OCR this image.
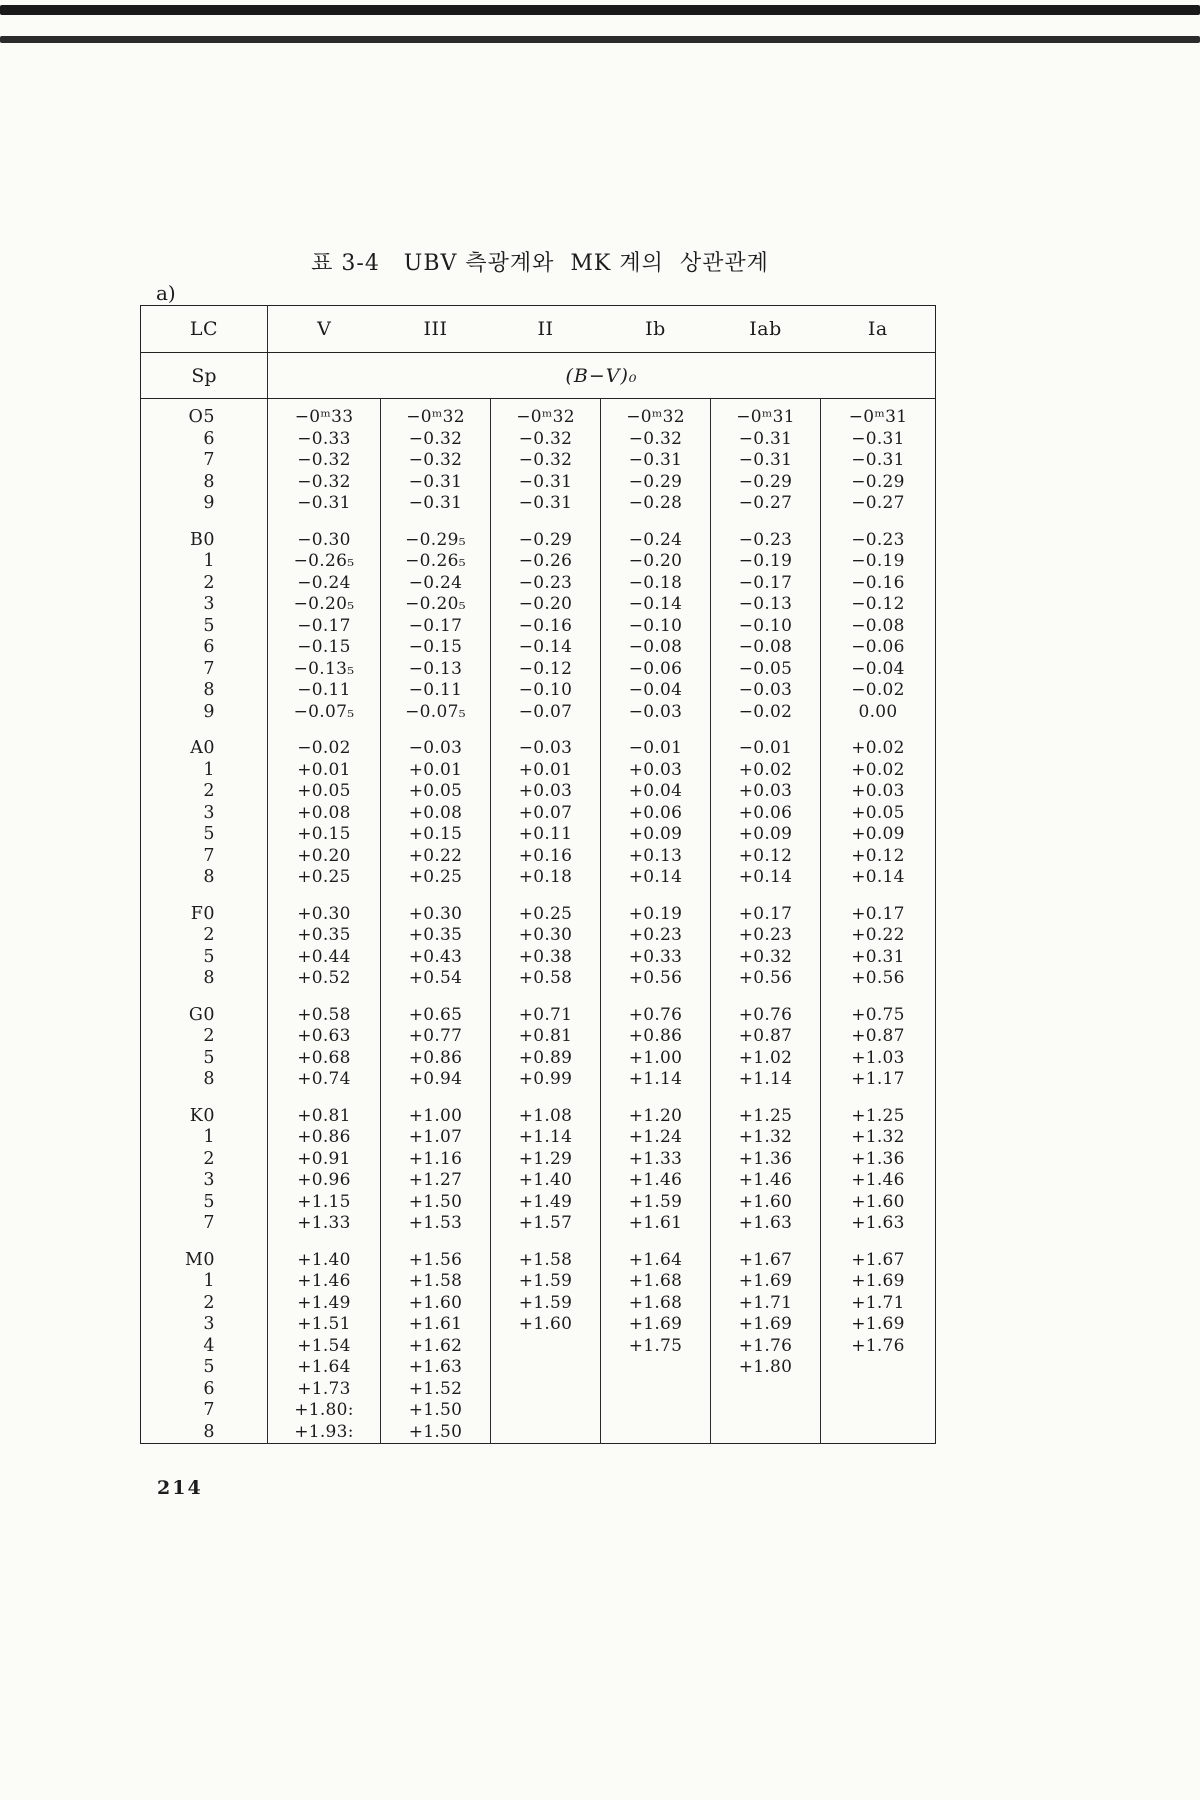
표 3-4   UBV 측광계와  MK 계의  상관관계
a)
LC	V	III	II	Ib	Iab	Ia
Sp	(B−V)₀					
O5	−0ᵐ33	−0ᵐ32	−0ᵐ32	−0ᵐ32	−0ᵐ31	−0ᵐ31
6	−0.33	−0.32	−0.32	−0.32	−0.31	−0.31
7	−0.32	−0.32	−0.32	−0.31	−0.31	−0.31
8	−0.32	−0.31	−0.31	−0.29	−0.29	−0.29
9	−0.31	−0.31	−0.31	−0.28	−0.27	−0.27
B0	−0.30	−0.29₅	−0.29	−0.24	−0.23	−0.23
1	−0.26₅	−0.26₅	−0.26	−0.20	−0.19	−0.19
2	−0.24	−0.24	−0.23	−0.18	−0.17	−0.16
3	−0.20₅	−0.20₅	−0.20	−0.14	−0.13	−0.12
5	−0.17	−0.17	−0.16	−0.10	−0.10	−0.08
6	−0.15	−0.15	−0.14	−0.08	−0.08	−0.06
7	−0.13₅	−0.13	−0.12	−0.06	−0.05	−0.04
8	−0.11	−0.11	−0.10	−0.04	−0.03	−0.02
9	−0.07₅	−0.07₅	−0.07	−0.03	−0.02	0.00
A0	−0.02	−0.03	−0.03	−0.01	−0.01	+0.02
1	+0.01	+0.01	+0.01	+0.03	+0.02	+0.02
2	+0.05	+0.05	+0.03	+0.04	+0.03	+0.03
3	+0.08	+0.08	+0.07	+0.06	+0.06	+0.05
5	+0.15	+0.15	+0.11	+0.09	+0.09	+0.09
7	+0.20	+0.22	+0.16	+0.13	+0.12	+0.12
8	+0.25	+0.25	+0.18	+0.14	+0.14	+0.14
F0	+0.30	+0.30	+0.25	+0.19	+0.17	+0.17
2	+0.35	+0.35	+0.30	+0.23	+0.23	+0.22
5	+0.44	+0.43	+0.38	+0.33	+0.32	+0.31
8	+0.52	+0.54	+0.58	+0.56	+0.56	+0.56
G0	+0.58	+0.65	+0.71	+0.76	+0.76	+0.75
2	+0.63	+0.77	+0.81	+0.86	+0.87	+0.87
5	+0.68	+0.86	+0.89	+1.00	+1.02	+1.03
8	+0.74	+0.94	+0.99	+1.14	+1.14	+1.17
K0	+0.81	+1.00	+1.08	+1.20	+1.25	+1.25
1	+0.86	+1.07	+1.14	+1.24	+1.32	+1.32
2	+0.91	+1.16	+1.29	+1.33	+1.36	+1.36
3	+0.96	+1.27	+1.40	+1.46	+1.46	+1.46
5	+1.15	+1.50	+1.49	+1.59	+1.60	+1.60
7	+1.33	+1.53	+1.57	+1.61	+1.63	+1.63
M0	+1.40	+1.56	+1.58	+1.64	+1.67	+1.67
1	+1.46	+1.58	+1.59	+1.68	+1.69	+1.69
2	+1.49	+1.60	+1.59	+1.68	+1.71	+1.71
3	+1.51	+1.61	+1.60	+1.69	+1.69	+1.69
4	+1.54	+1.62		+1.75	+1.76	+1.76
5	+1.64	+1.63			+1.80	
6	+1.73	+1.52				
7	+1.80:	+1.50				
8	+1.93:	+1.50				
214
